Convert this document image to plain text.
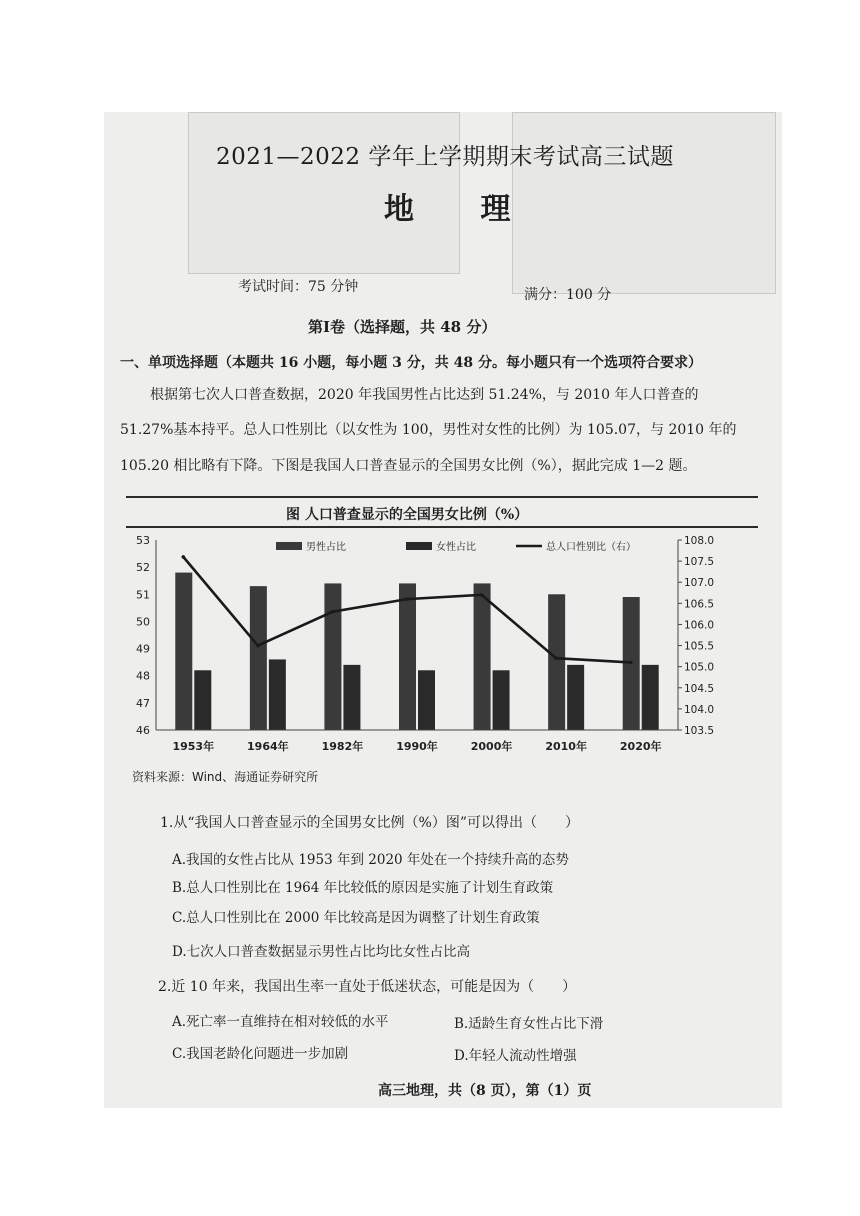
2021—2022 学年上学期期末考试高三试题
地 理
考试时间：75 分钟	满分：100 分
第Ⅰ卷（选择题，共 48 分）
一、单项选择题（本题共 16 小题，每小题 3 分，共 48 分。每小题只有一个选项符合要求）
根据第七次人口普查数据，2020 年我国男性占比达到 51.24%，与 2010 年人口普查的
51.27%基本持平。总人口性别比（以女性为 100，男性对女性的比例）为 105.07，与 2010 年的
105.20 相比略有下降。下图是我国人口普查显示的全国男女比例（%），据此完成 1—2 题。
图 人口普查显示的全国男女比例（%）
46
47
48
49
50
51
52
53
103.5
104.0
104.5
105.0
105.5
106.0
106.5
107.0
107.5
108.0
1953年	1964年	1982年	1990年	2000年	2010年	2020年
男性占比	女性占比	总人口性别比（右）
资料来源：Wind、海通证券研究所
1.从“我国人口普查显示的全国男女比例（%）图”可以得出（　　）
A.我国的女性占比从 1953 年到 2020 年处在一个持续升高的态势
B.总人口性别比在 1964 年比较低的原因是实施了计划生育政策
C.总人口性别比在 2000 年比较高是因为调整了计划生育政策
D.七次人口普查数据显示男性占比均比女性占比高
2.近 10 年来，我国出生率一直处于低迷状态，可能是因为（　　）
A.死亡率一直维持在相对较低的水平	B.适龄生育女性占比下滑
C.我国老龄化问题进一步加剧	D.年轻人流动性增强
高三地理，共（8 页），第（1）页
